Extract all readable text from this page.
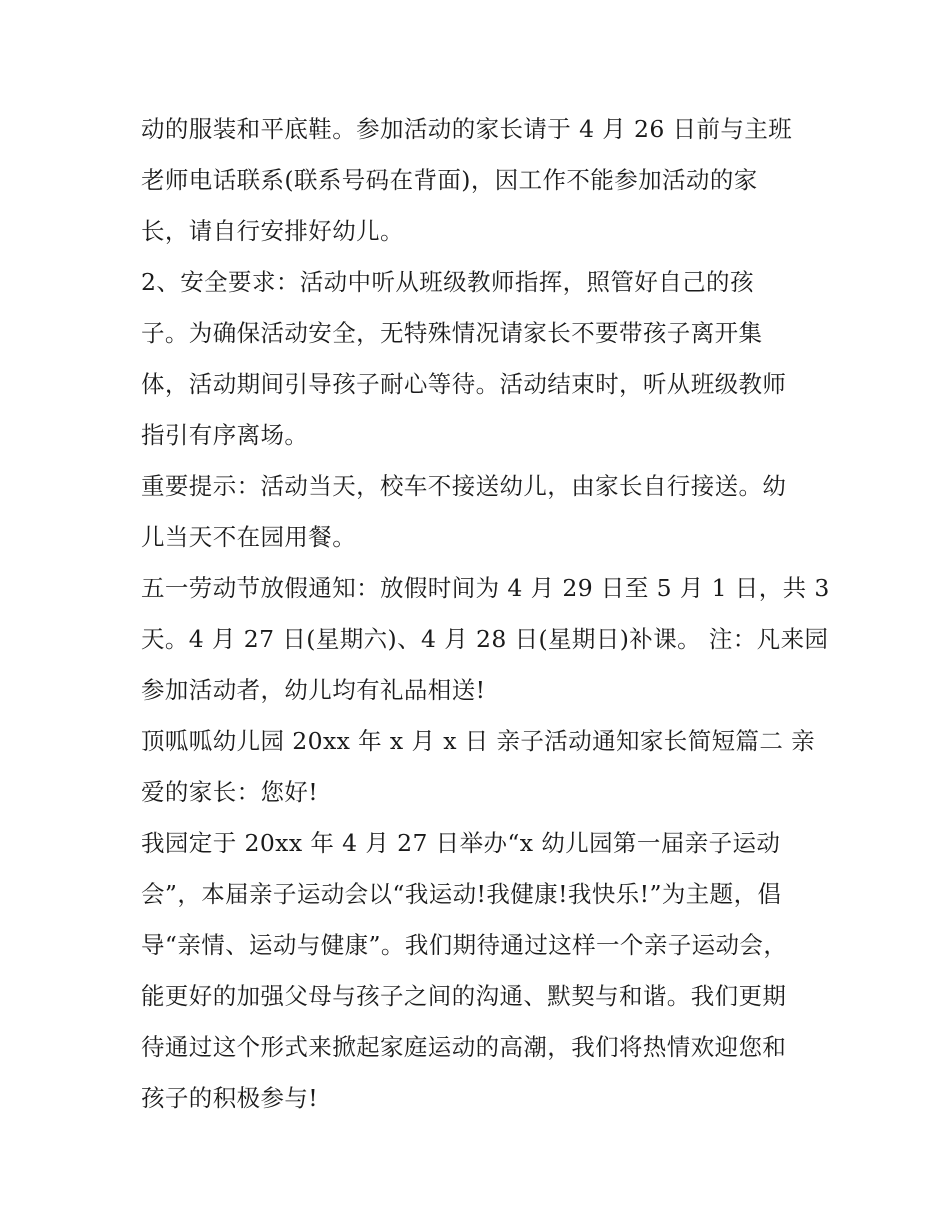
动的服装和平底鞋。参加活动的家长请于 4 月 26 日前与主班
老师电话联系(联系号码在背面)，因工作不能参加活动的家
长，请自行安排好幼儿。
2、安全要求：活动中听从班级教师指挥，照管好自己的孩
子。为确保活动安全，无特殊情况请家长不要带孩子离开集
体，活动期间引导孩子耐心等待。活动结束时，听从班级教师
指引有序离场。
重要提示：活动当天，校车不接送幼儿，由家长自行接送。幼
儿当天不在园用餐。
五一劳动节放假通知：放假时间为 4 月 29 日至 5 月 1 日，共 3
天。4 月 27 日(星期六)、4 月 28 日(星期日)补课。 注：凡来园
参加活动者，幼儿均有礼品相送!
顶呱呱幼儿园 20xx 年 x 月 x 日 亲子活动通知家长简短篇二 亲
爱的家长：您好!
我园定于 20xx 年 4 月 27 日举办“x 幼儿园第一届亲子运动
会”，本届亲子运动会以“我运动!我健康!我快乐!”为主题，倡
导“亲情、运动与健康”。我们期待通过这样一个亲子运动会，
能更好的加强父母与孩子之间的沟通、默契与和谐。我们更期
待通过这个形式来掀起家庭运动的高潮，我们将热情欢迎您和
孩子的积极参与!
